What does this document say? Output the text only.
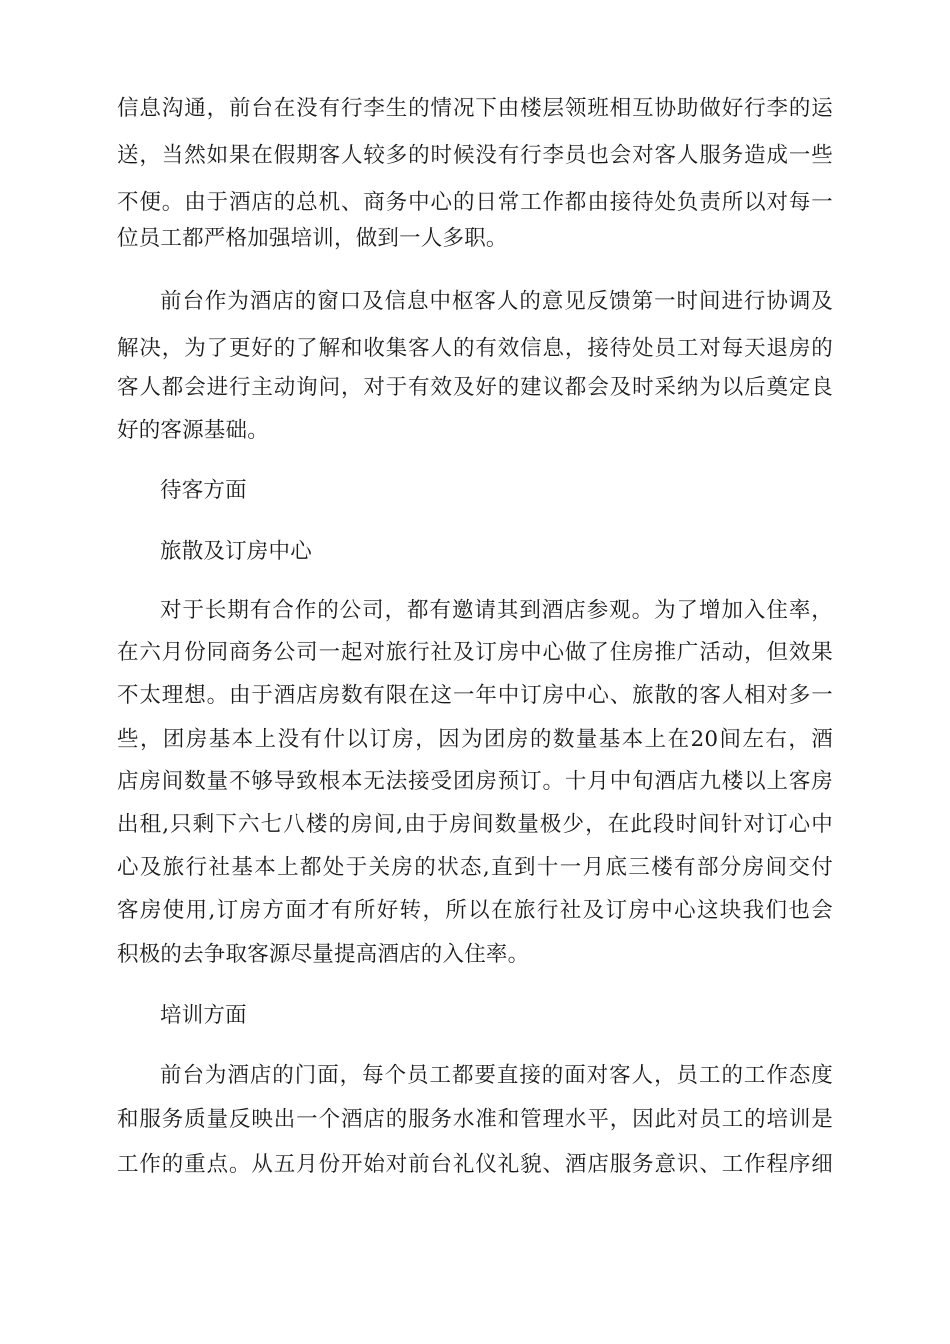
信息沟通，前台在没有行李生的情况下由楼层领班相互协助做好行李的运
送，当然如果在假期客人较多的时候没有行李员也会对客人服务造成一些
不便。由于酒店的总机、商务中心的日常工作都由接待处负责所以对每一
位员工都严格加强培训，做到一人多职。
前台作为酒店的窗口及信息中枢客人的意见反馈第一时间进行协调及
解决，为了更好的了解和收集客人的有效信息，接待处员工对每天退房的
客人都会进行主动询问，对于有效及好的建议都会及时采纳为以后奠定良
好的客源基础。
待客方面
旅散及订房中心
对于长期有合作的公司，都有邀请其到酒店参观。为了增加入住率，
在六月份同商务公司一起对旅行社及订房中心做了住房推广活动，但效果
不太理想。由于酒店房数有限在这一年中订房中心、旅散的客人相对多一
些，团房基本上没有什以订房，因为团房的数量基本上在20间左右，酒
店房间数量不够导致根本无法接受团房预订。十月中旬酒店九楼以上客房
出租,只剩下六七八楼的房间,由于房间数量极少，在此段时间针对订心中
心及旅行社基本上都处于关房的状态,直到十一月底三楼有部分房间交付
客房使用,订房方面才有所好转，所以在旅行社及订房中心这块我们也会
积极的去争取客源尽量提高酒店的入住率。
培训方面
前台为酒店的门面，每个员工都要直接的面对客人，员工的工作态度
和服务质量反映出一个酒店的服务水准和管理水平，因此对员工的培训是
工作的重点。从五月份开始对前台礼仪礼貌、酒店服务意识、工作程序细
